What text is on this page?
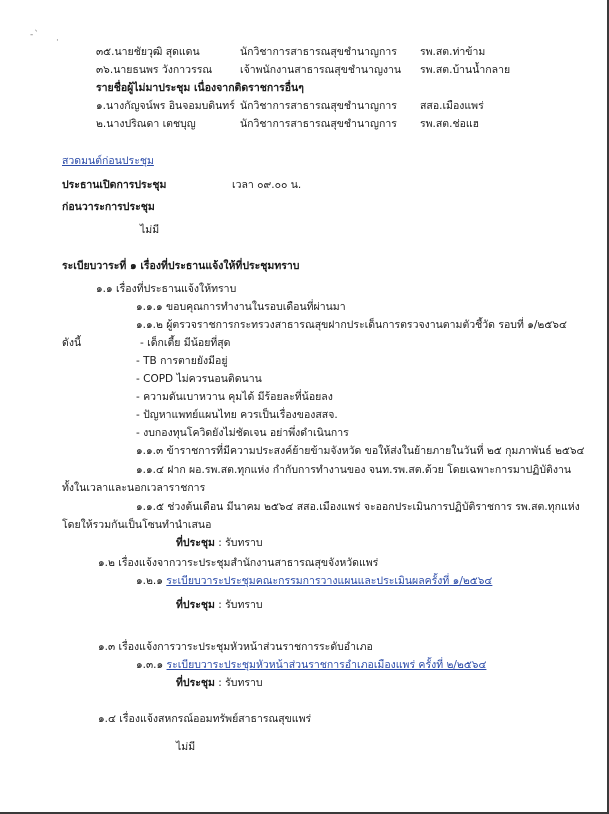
-`
·
๓๕.นายชัยวุฒิ สุดแดน	นักวิชาการสาธารณสุขชำนาญการ รพ.สต.ท่าข้าม
๓๖.นายธนพร วังกาวรรณ	เจ้าพนักงานสาธารณสุขชำนาญงาน รพ.สต.บ้านน้ำกลาย
รายชื่อผู้ไม่มาประชุม เนื่องจากติดราชการอื่นๆ
๑.นางกัญจน์พร อินจอมบดินทร์ นักวิชาการสาธารณสุขชำนาญการ สสอ.เมืองแพร่
๒.นางปริณดา เตชบุญ	นักวิชาการสาธารณสุขชำนาญการ รพ.สต.ช่อแฮ
สวดมนต์ก่อนประชุม
ประธานเปิดการประชุม	เวลา ๐๙.๐๐ น.
ก่อนวาระการประชุม
ไม่มี
ระเบียบวาระที่ ๑ เรื่องที่ประธานแจ้งให้ที่ประชุมทราบ
๑.๑ เรื่องที่ประธานแจ้งให้ทราบ
๑.๑.๑ ขอบคุณการทำงานในรอบเดือนที่ผ่านมา
๑.๑.๒ ผู้ตรวจราชการกระทรวงสาธารณสุขฝากประเด็นการตรวจงานตามตัวชี้วัด รอบที่ ๑/๒๕๖๔
ดังนี้	- เด็กเตี้ย มีน้อยที่สุด
- TB การตายยังมีอยู่
- COPD ไม่ควรนอนติดนาน
- ความดันเบาหวาน คุมได้ มีร้อยละที่น้อยลง
- ปัญหาแพทย์แผนไทย ควรเป็นเรื่องของสสจ.
- งบกองทุนโควิดยังไม่ชัดเจน อย่าพึ่งดำเนินการ
๑.๑.๓ ข้าราชการที่มีความประสงค์ย้ายข้ามจังหวัด ขอให้ส่งในย้ายภายในวันที่ ๒๕ กุมภาพันธ์ ๒๕๖๔
๑.๑.๔ ฝาก ผอ.รพ.สต.ทุกแห่ง กำกับการทำงานของ จนท.รพ.สต.ด้วย โดยเฉพาะการมาปฏิบัติงาน
ทั้งในเวลาและนอกเวลาราชการ
๑.๑.๕ ช่วงต้นเดือน มีนาคม ๒๕๖๔ สสอ.เมืองแพร่ จะออกประเมินการปฏิบัติราชการ รพ.สต.ทุกแห่ง
โดยให้รวมกันเป็นโซนทำนำเสนอ
ที่ประชุม : รับทราบ
๑.๒ เรื่องแจ้งจากวาระประชุมสำนักงานสาธารณสุขจังหวัดแพร่
๑.๒.๑ ระเบียบวาระประชุมคณะกรรมการวางแผนและประเมินผลครั้งที่ ๑/๒๕๖๔
ที่ประชุม : รับทราบ
๑.๓ เรื่องแจ้งการวาระประชุมหัวหน้าส่วนราชการระดับอำเภอ
๑.๓.๑ ระเบียบวาระประชุมหัวหน้าส่วนราชการอำเภอเมืองแพร่ ครั้งที่ ๒/๒๕๖๔
ที่ประชุม : รับทราบ
๑.๔ เรื่องแจ้งสหกรณ์ออมทรัพย์สาธารณสุขแพร่
ไม่มี
